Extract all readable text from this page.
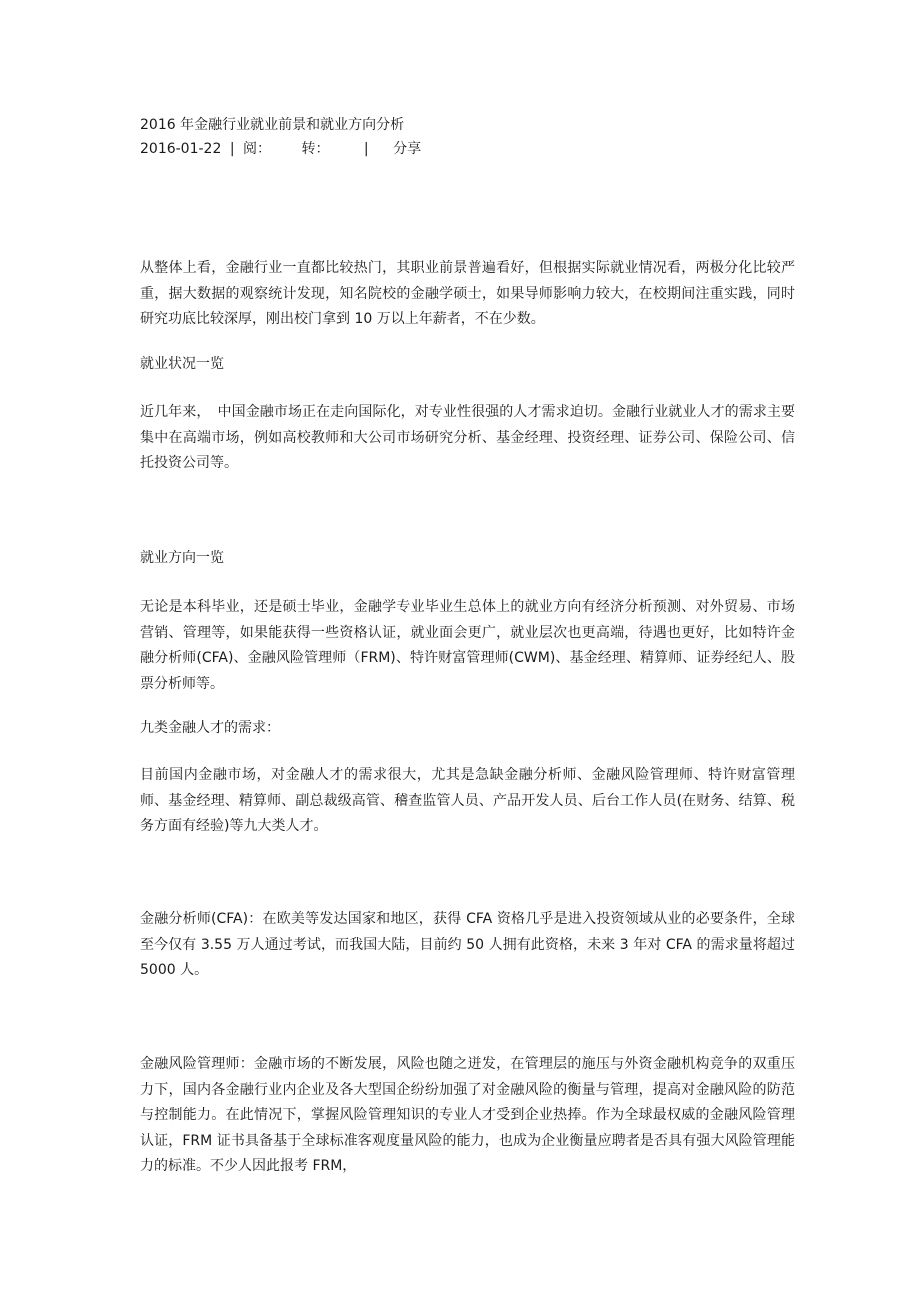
2016 年金融行业就业前景和就业方向分析
2016-01-22 | 阅： 转： | 分享

从整体上看，金融行业一直都比较热门，其职业前景普遍看好，但根据实际就业情况看，两极分化比较严重，据大数据的观察统计发现，知名院校的金融学硕士，如果导师影响力较大，在校期间注重实践，同时研究功底比较深厚，刚出校门拿到 10 万以上年薪者，不在少数。

就业状况一览

近几年来，　中国金融市场正在走向国际化，对专业性很强的人才需求迫切。金融行业就业人才的需求主要集中在高端市场，例如高校教师和大公司市场研究分析、基金经理、投资经理、证券公司、保险公司、信托投资公司等。

就业方向一览

无论是本科毕业，还是硕士毕业，金融学专业毕业生总体上的就业方向有经济分析预测、对外贸易、市场营销、管理等，如果能获得一些资格认证，就业面会更广，就业层次也更高端，待遇也更好，比如特许金融分析师(CFA)、金融风险管理师（FRM)、特许财富管理师(CWM)、基金经理、精算师、证券经纪人、股票分析师等。

九类金融人才的需求：

目前国内金融市场，对金融人才的需求很大，尤其是急缺金融分析师、金融风险管理师、特许财富管理师、基金经理、精算师、副总裁级高管、稽查监管人员、产品开发人员、后台工作人员(在财务、结算、税务方面有经验)等九大类人才。

金融分析师(CFA)：在欧美等发达国家和地区，获得 CFA 资格几乎是进入投资领域从业的必要条件，全球至今仅有 3.55 万人通过考试，而我国大陆，目前约 50 人拥有此资格，未来 3 年对 CFA 的需求量将超过 5000 人。

金融风险管理师：金融市场的不断发展，风险也随之迸发，在管理层的施压与外资金融机构竞争的双重压力下，国内各金融行业内企业及各大型国企纷纷加强了对金融风险的衡量与管理，提高对金融风险的防范与控制能力。在此情况下，掌握风险管理知识的专业人才受到企业热捧。作为全球最权威的金融风险管理认证，FRM 证书具备基于全球标准客观度量风险的能力，也成为企业衡量应聘者是否具有强大风险管理能力的标准。不少人因此报考 FRM，
